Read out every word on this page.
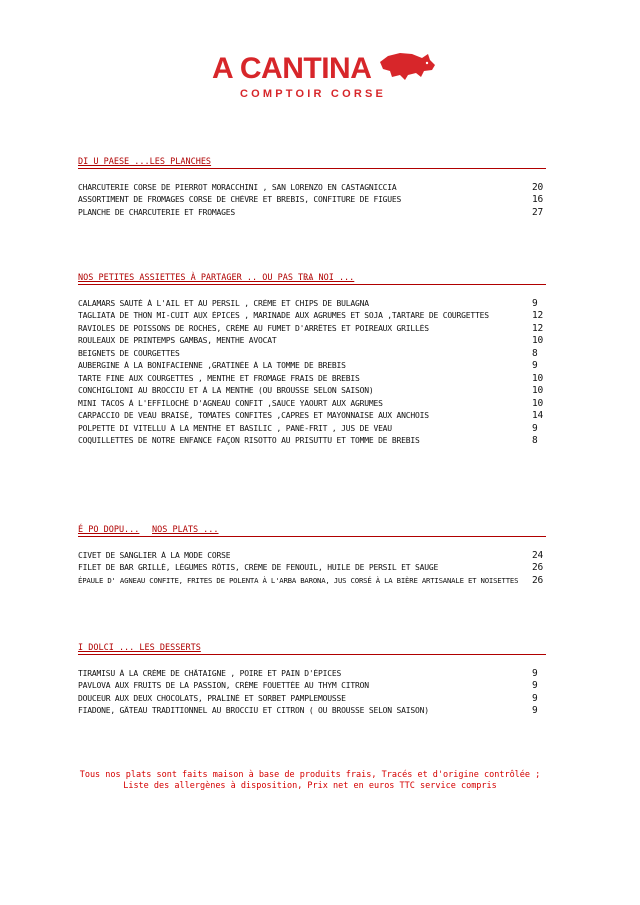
A CANTINA
COMPTOIR CORSE
DI U PAESE ...LES PLANCHES
CHARCUTERIE CORSE DE PIERROT MORACCHINI , SAN LORENZO EN CASTAGNICCIA	20
ASSORTIMENT DE FROMAGES CORSE DE CHÈVRE ET BREBIS, CONFITURE DE FIGUES	16
PLANCHE DE CHARCUTERIE ET FROMAGES	27
NOS PETITES ASSIETTES À PARTAGER .. OU PAS ...
TRA NOI ...
CALAMARS SAUTÉ À L'AIL ET AU PERSIL , CRÈME ET CHIPS DE BULAGNA	9
TAGLIATA DE THON MI-CUIT AUX ÉPICES , MARINADE AUX AGRUMES ET SOJA ,TARTARE DE COURGETTES	12
RAVIOLES DE POISSONS DE ROCHES, CRÈME AU FUMET D'ARRÊTES ET POIREAUX GRILLÉS	12
ROULEAUX DE PRINTEMPS GAMBAS, MENTHE AVOCAT	10
BEIGNETS DE COURGETTES	8
AUBERGINE À LA BONIFACIENNE ,GRATINÉE À LA TOMME DE BREBIS	9
TARTE FINE AUX COURGETTES , MENTHE ET FROMAGE FRAIS DE BREBIS	10
CONCHIGLIONI AU BROCCIU ET À LA MENTHE (OU BROUSSE SELON SAISON)	10
MINI TACOS À L'EFFILOCHÉ D'AGNEAU CONFIT ,SAUCE YAOURT AUX AGRUMES	10
CARPACCIO DE VEAU BRAISÉ, TOMATES CONFITES ,CAPRES ET MAYONNAISE AUX ANCHOIS	14
POLPETTE DI VITELLU À LA MENTHE ET BASILIC , PANÉ-FRIT , JUS DE VEAU	9
COQUILLETTES DE NOTRE ENFANCE FAÇON RISOTTO AU PRISUTTU ET TOMME DE BREBIS	8
É PO DOPU... NOS PLATS ...
CIVET DE SANGLIER À LA MODE CORSE	24
FILET DE BAR GRILLÉ, LÉGUMES RÔTIS, CRÈME DE FENOUIL, HUILE DE PERSIL ET SAUGE	26
ÉPAULE D' AGNEAU CONFITE, FRITES DE POLENTA À L'ARBA BARONA, JUS CORSÉ À LA BIÈRE ARTISANALE ET NOISETTES	26
I DOLCI ... LES DESSERTS
TIRAMISU À LA CRÈME DE CHÂTAIGNE , POIRE ET PAIN D'ÉPICES	9
PAVLOVA AUX FRUITS DE LA PASSION, CRÈME FOUETTÉE AU THYM CITRON	9
DOUCEUR AUX DEUX CHOCOLATS, PRALINÉ ET SORBET PAMPLEMOUSSE	9
FIADONE, GÂTEAU TRADITIONNEL AU BROCCIU ET CITRON ( OU BROUSSE SELON SAISON)	9
Tous nos plats sont faits maison à base de produits frais, Tracés et d'origine contrôlée ;
Liste des allergènes à disposition, Prix net en euros TTC service compris
